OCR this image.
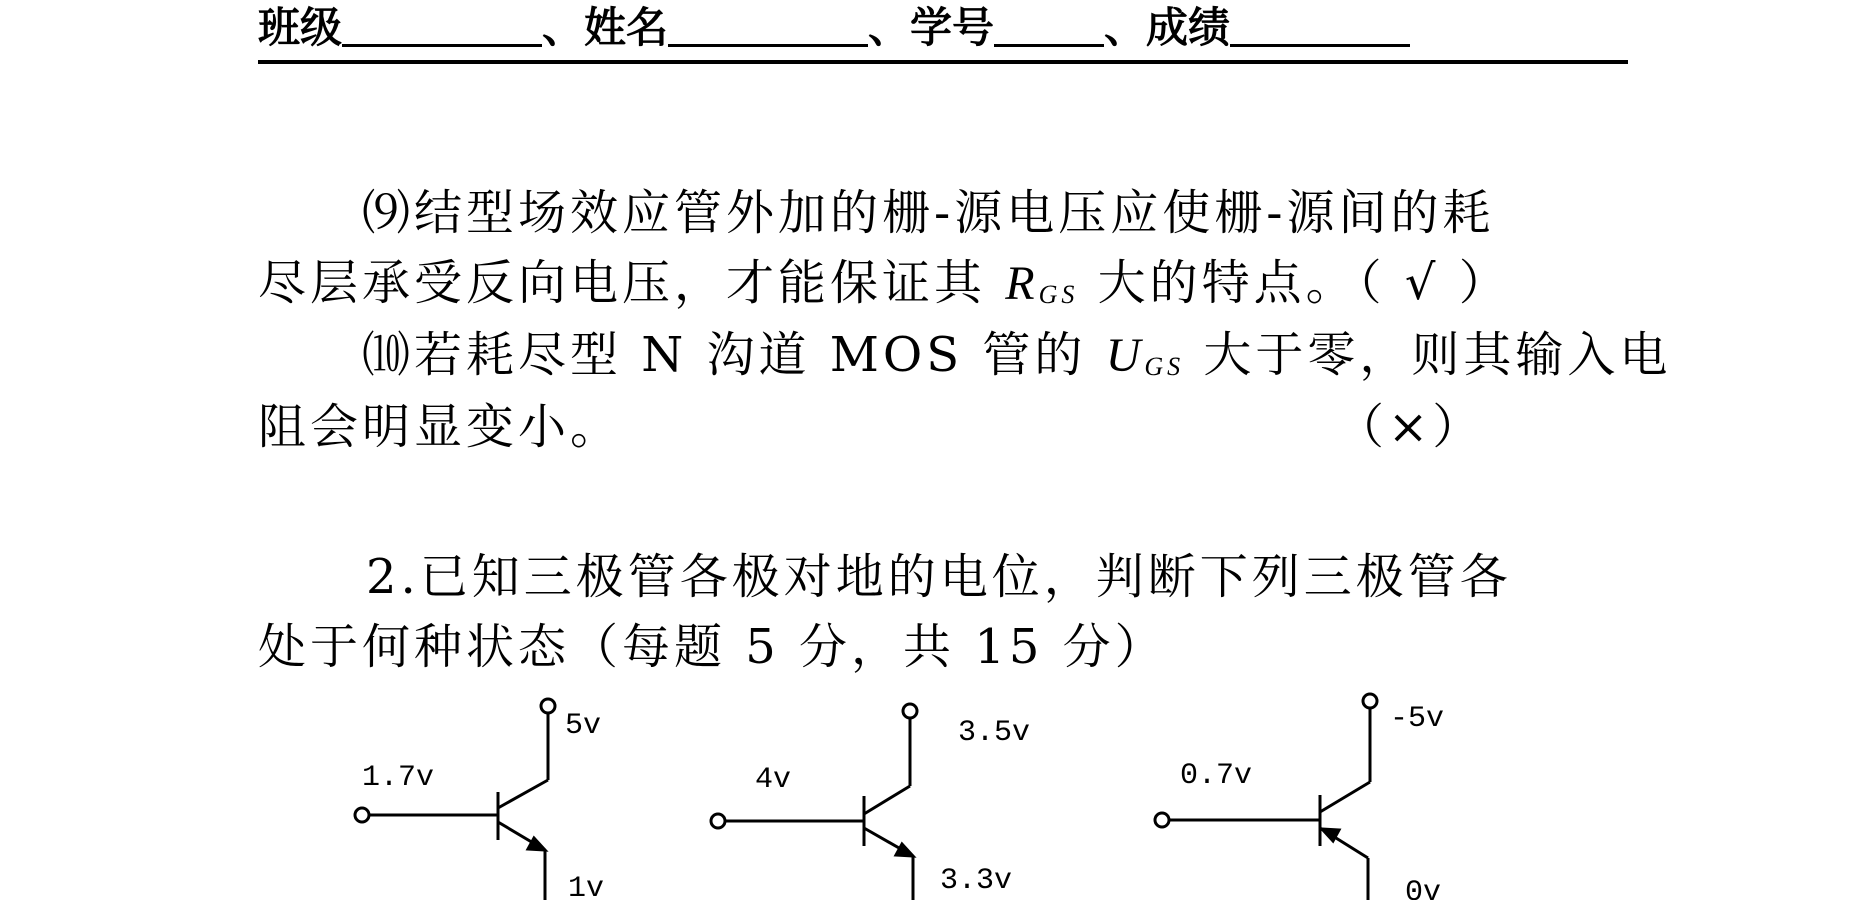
班级	、姓名	、学号	、成绩
⑼结型场效应管外加的栅-源电压应使栅-源间的耗
尽层承受反向电压，才能保证其 $R_{GS}$ 大的特点。（ √ ）
⑽若耗尽型 N 沟道 MOS 管的 $U_{GS}$ 大于零，则其输入电
阻会明显变小。	（×）
2.已知三极管各极对地的电位，判断下列三极管各
处于何种状态（每题 5 分，共 15 分）
1.7v
5v
1v
4v
3.5v
3.3v
0.7v
-5v
0v
